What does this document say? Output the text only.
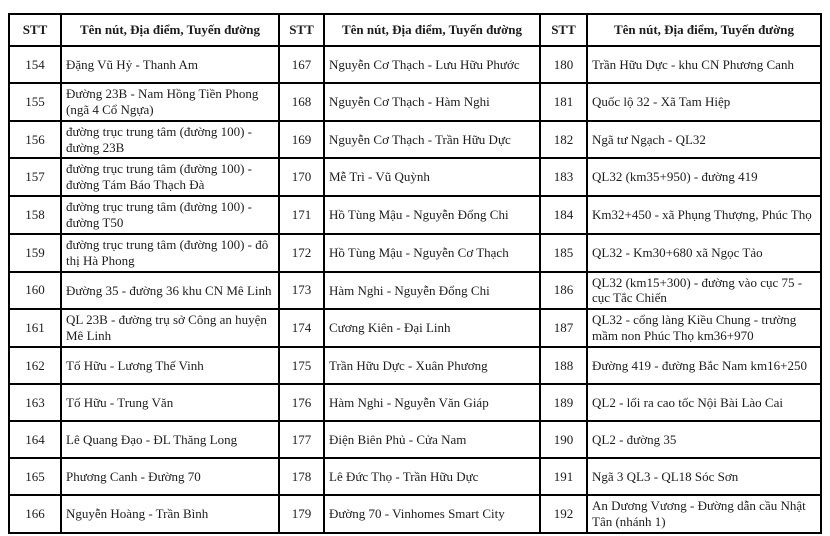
STT	Tên nút, Địa điểm, Tuyến đường	STT	Tên nút, Địa điểm, Tuyến đường	STT	Tên nút, Địa điểm, Tuyến đường
154	Đặng Vũ Hỷ - Thanh Am	167	Nguyễn Cơ Thạch - Lưu Hữu Phước	180	Trần Hữu Dực - khu CN Phương Canh
155	Đường 23B - Nam Hồng Tiền Phong (ngã 4 Cổ Ngựa)	168	Nguyễn Cơ Thạch - Hàm Nghi	181	Quốc lộ 32 - Xã Tam Hiệp
156	đường trục trung tâm (đường 100) - đường 23B	169	Nguyễn Cơ Thạch - Trần Hữu Dực	182	Ngã tư Ngạch - QL32
157	đường trục trung tâm (đường 100) - đường Tám Báo Thạch Đà	170	Mễ Trì - Vũ Quỳnh	183	QL32 (km35+950) - đường 419
158	đường trục trung tâm (đường 100) - đường T50	171	Hồ Tùng Mậu - Nguyễn Đổng Chi	184	Km32+450 - xã Phụng Thượng, Phúc Thọ
159	đường trục trung tâm (đường 100) - đô thị Hà Phong	172	Hồ Tùng Mậu - Nguyễn Cơ Thạch	185	QL32 - Km30+680 xã Ngọc Tảo
160	Đường 35 - đường 36 khu CN Mê Linh	173	Hàm Nghi - Nguyễn Đổng Chi	186	QL32 (km15+300) - đường vào cục 75 - cục Tắc Chiến
161	QL 23B - đường trụ sở Công an huyện Mê Linh	174	Cương Kiên - Đại Linh	187	QL32 - cổng làng Kiều Chung - trường mầm non Phúc Thọ km36+970
162	Tố Hữu - Lương Thế Vinh	175	Trần Hữu Dực - Xuân Phương	188	Đường 419 - đường Bắc Nam km16+250
163	Tố Hữu - Trung Văn	176	Hàm Nghi - Nguyễn Văn Giáp	189	QL2 - lối ra cao tốc Nội Bài Lào Cai
164	Lê Quang Đạo - ĐL Thăng Long	177	Điện Biên Phủ - Cửa Nam	190	QL2 - đường 35
165	Phương Canh - Đường 70	178	Lê Đức Thọ - Trần Hữu Dực	191	Ngã 3 QL3 - QL18 Sóc Sơn
166	Nguyễn Hoàng - Trần Bình	179	Đường 70 - Vinhomes Smart City	192	An Dương Vương - Đường dẫn cầu Nhật Tân (nhánh 1)
